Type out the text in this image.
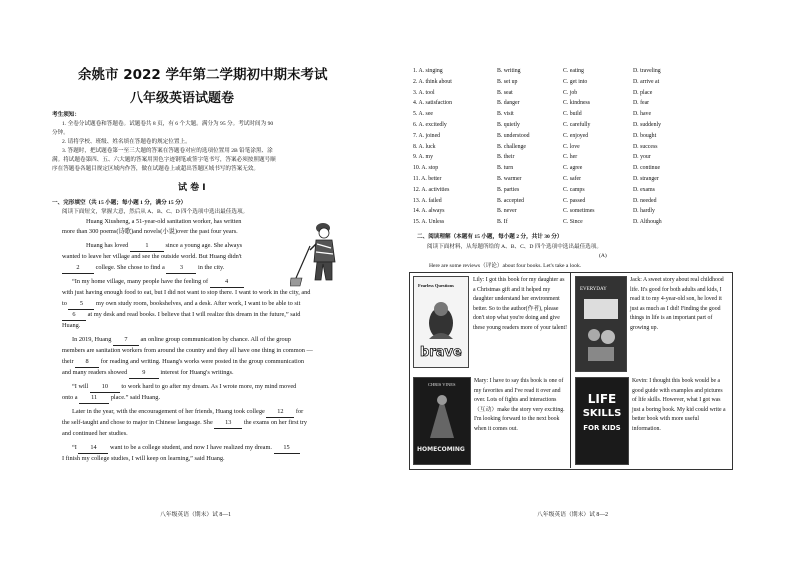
余姚市 2022 学年第二学期初中期末考试
八年级英语试题卷
考生须知：
1. 全卷分试题卷和答题卷。试题卷共 8 页，有 6 个大题。满分为 95 分。考试时间为 90
分钟。
2. 请将学校、班级、姓名填在答题卷的规定位置上。
3. 答题时，把试题卷第一至三大题的答案在答题卷对应的选项位置用 2B 铅笔涂黑、涂
满。将试题卷第四、五、六大题的答案用黑色字迹钢笔或签字笔书写，答案必须按照题号顺
序在答题卷各题目规定区域内作答，做在试题卷上或超出答题区域书写的答案无效。
试 卷 Ⅰ
一、完形填空（共 15 小题；每小题 1 分，满分 15 分）
阅读下面短文，掌握大意，然后从 A、B、C、D 四个选项中选出最佳选项。
Huang Xiusheng, a 51-year-old sanitation worker, has written
more than 300 poems(诗歌)and novels(小说)over the past four years.
Huang has loved 1 since a young age. She always
wanted to leave her village and see the outside world. But Huang didn't
2 college. She chose to find a 3 in the city.
“In my home village, many people have the feeling of 4
with just having enough food to eat, but I did not want to stop there. I want to work in the city, and
to 5 my own study room, bookshelves, and a desk. After work, I want to be able to sit
6 at my desk and read books. I believe that I will realize this dream in the future,” said
Huang.
In 2019, Huang 7 an online group communication by chance. All of the group
members are sanitation workers from around the country and they all have one thing in common —
their 8 for reading and writing. Huang's works were posted in the group communication
and many readers showed 9 interest for Huang's writings.
“I will 10 to work hard to go after my dream. As I wrote more, my mind moved
onto a 11 place.” said Huang.
Later in the year, with the encouragement of her friends, Huang took college 12 for
the self-taught and chose to major in Chinese language. She 13 the exams on her first try
and continued her studies.
“I 14 want to be a college student, and now I have realized my dream. 15
I finish my college studies, I will keep on learning,” said Huang.
八年级英语（期末）试 8—1
1. A. singing	B. writing	C. eating	D. traveling
2. A. think about	B. set up	C. get into	D. arrive at
3. A. tool	B. seat	C. job	D. place
4. A. satisfaction	B. danger	C. kindness	D. fear
5. A. see	B. visit	C. build	D. have
6. A. excitedly	B. quietly	C. carefully	D. suddenly
7. A. joined	B. understood	C. enjoyed	D. bought
8. A. luck	B. challenge	C. love	D. success
9. A. my	B. their	C. her	D. your
10. A. stop	B. turn	C. agree	D. continue
11. A. better	B. warmer	C. safer	D. stranger
12. A. activities	B. parties	C. camps	D. exams
13. A. failed	B. accepted	C. passed	D. needed
14. A. always	B. never	C. sometimes	D. hardly
15. A. Unless	B. If	C. Since	D. Although
二、阅读理解（本题有 15 小题，每小题 2 分，共计 30 分）
阅读下面材料，从每题所给的 A、B、C、D 四个选项中选出最佳选项。
(A)
Here are some reviews（评论）about four books. Let's take a look.
Fearless Questions
brave
Lily: I got this book for my daughter as a Christmas gift and it helped my daughter understand her environment better. So to the author(作者), please don't stop what you're doing and give these young readers more of your talent!
EVERYDAY
Jack: A sweet story about real childhood life. It's good for both adults and kids, I read it to my 4-year-old son, he loved it just as much as I did! Finding the good things in life is an important part of growing up.
CHRIS VINES
HOMECOMING
Mary: I have to say this book is one of my favorites and I've read it over and over. Lots of fights and interactions（互动）make the story very exciting. I'm looking forward to the next book when it comes out.
LIFE
SKILLS
FOR KIDS
Kevin: I thought this book would be a good guide with examples and pictures of life skills. However, what I got was just a boring book. My kid could write a better book with more useful information.
八年级英语（期末）试 8—2
